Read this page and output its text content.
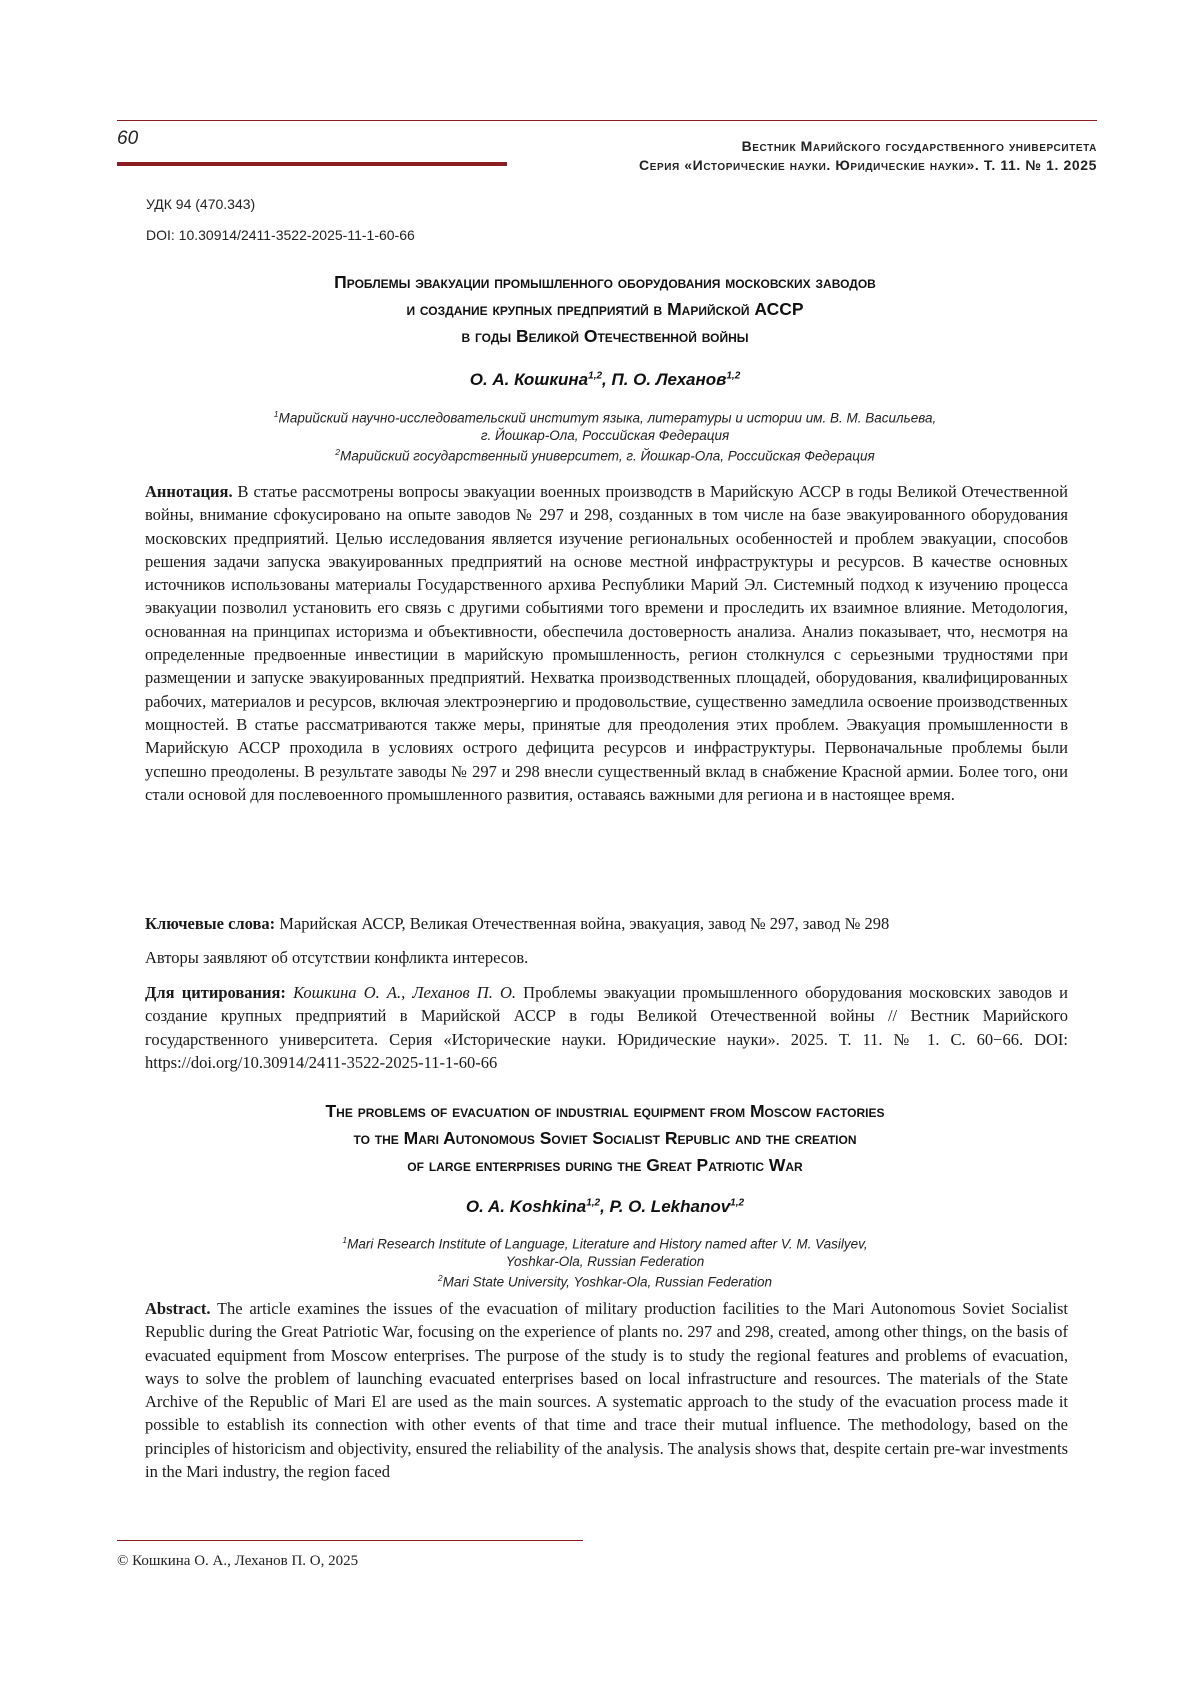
60	Вестник Марийского государственного университета
Серия «Исторические науки. Юридические науки». Т. 11. № 1. 2025
УДК 94 (470.343)
DOI: 10.30914/2411-3522-2025-11-1-60-66
Проблемы эвакуации промышленного оборудования московских заводов
и создание крупных предприятий в Марийской АССР
в годы Великой Отечественной войны
О. А. Кошкина$^{1,2}$, П. О. Леханов$^{1,2}$
$^1$Марийский научно-исследовательский институт языка, литературы и истории им. В. М. Васильева,
г. Йошкар-Ола, Российская Федерация
$^2$Марийский государственный университет, г. Йошкар-Ола, Российская Федерация
Аннотация. В статье рассмотрены вопросы эвакуации военных производств в Марийскую АССР в годы Великой Отечественной войны, внимание сфокусировано на опыте заводов № 297 и 298, созданных в том числе на базе эвакуированного оборудования московских предприятий. Целью исследования является изучение региональных особенностей и проблем эвакуации, способов решения задачи запуска эвакуированных предприятий на основе местной инфраструктуры и ресурсов. В качестве основных источников использованы материалы Государственного архива Республики Марий Эл. Системный подход к изучению процесса эвакуации позволил установить его связь с другими событиями того времени и проследить их взаимное влияние. Методология, основанная на принципах историзма и объективности, обеспечила достоверность анализа. Анализ показывает, что, несмотря на определенные предвоенные инвестиции в марийскую промышленность, регион столкнулся с серьезными трудностями при размещении и запуске эвакуированных предприятий. Нехватка производственных площадей, оборудования, квалифицированных рабочих, материалов и ресурсов, включая электроэнергию и продовольствие, существенно замедлила освоение производственных мощностей. В статье рассматриваются также меры, принятые для преодоления этих проблем. Эвакуация промышленности в Марийскую АССР проходила в условиях острого дефицита ресурсов и инфраструктуры. Первоначальные проблемы были успешно преодолены. В результате заводы № 297 и 298 внесли существенный вклад в снабжение Красной армии. Более того, они стали основой для послевоенного промышленного развития, оставаясь важными для региона и в настоящее время.
Ключевые слова: Марийская АССР, Великая Отечественная война, эвакуация, завод № 297, завод № 298
Авторы заявляют об отсутствии конфликта интересов.
Для цитирования: Кошкина О. А., Леханов П. О. Проблемы эвакуации промышленного оборудования московских заводов и создание крупных предприятий в Марийской АССР в годы Великой Отечественной войны // Вестник Марийского государственного университета. Серия «Исторические науки. Юридические науки». 2025. Т. 11. № 1. С. 60−66. DOI: https://doi.org/10.30914/2411-3522-2025-11-1-60-66
The problems of evacuation of industrial equipment from Moscow factories
to the Mari Autonomous Soviet Socialist Republic and the creation
of large enterprises during the Great Patriotic War
O. A. Koshkina$^{1,2}$, P. O. Lekhanov$^{1,2}$
$^1$Mari Research Institute of Language, Literature and History named after V. M. Vasilyev,
Yoshkar-Ola, Russian Federation
$^2$Mari State University, Yoshkar-Ola, Russian Federation
Abstract. The article examines the issues of the evacuation of military production facilities to the Mari Autonomous Soviet Socialist Republic during the Great Patriotic War, focusing on the experience of plants no. 297 and 298, created, among other things, on the basis of evacuated equipment from Moscow enterprises. The purpose of the study is to study the regional features and problems of evacuation, ways to solve the problem of launching evacuated enterprises based on local infrastructure and resources. The materials of the State Archive of the Republic of Mari El are used as the main sources. A systematic approach to the study of the evacuation process made it possible to establish its connection with other events of that time and trace their mutual influence. The methodology, based on the principles of historicism and objectivity, ensured the reliability of the analysis. The analysis shows that, despite certain pre-war investments in the Mari industry, the region faced
© Кошкина О. А., Леханов П. О, 2025
